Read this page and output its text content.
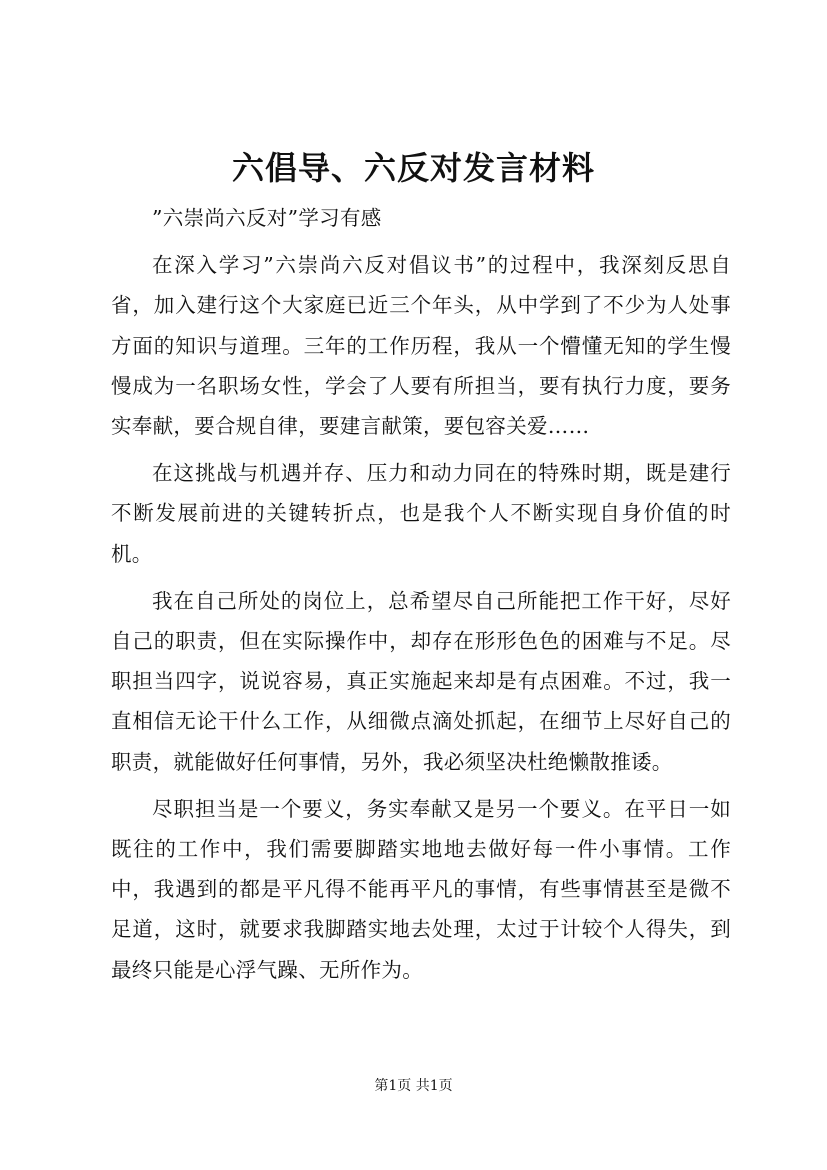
六倡导、六反对发言材料

”六崇尚六反对”学习有感

在深入学习”六崇尚六反对倡议书”的过程中，我深刻反思自省，加入建行这个大家庭已近三个年头，从中学到了不少为人处事方面的知识与道理。三年的工作历程，我从一个懵懂无知的学生慢慢成为一名职场女性，学会了人要有所担当，要有执行力度，要务实奉献，要合规自律，要建言献策，要包容关爱……

在这挑战与机遇并存、压力和动力同在的特殊时期，既是建行不断发展前进的关键转折点，也是我个人不断实现自身价值的时机。

我在自己所处的岗位上，总希望尽自己所能把工作干好，尽好自己的职责，但在实际操作中，却存在形形色色的困难与不足。尽职担当四字，说说容易，真正实施起来却是有点困难。不过，我一直相信无论干什么工作，从细微点滴处抓起，在细节上尽好自己的职责，就能做好任何事情，另外，我必须坚决杜绝懒散推诿。

尽职担当是一个要义，务实奉献又是另一个要义。在平日一如既往的工作中，我们需要脚踏实地地去做好每一件小事情。工作中，我遇到的都是平凡得不能再平凡的事情，有些事情甚至是微不足道，这时，就要求我脚踏实地去处理，太过于计较个人得失，到最终只能是心浮气躁、无所作为。

第1页 共1页
